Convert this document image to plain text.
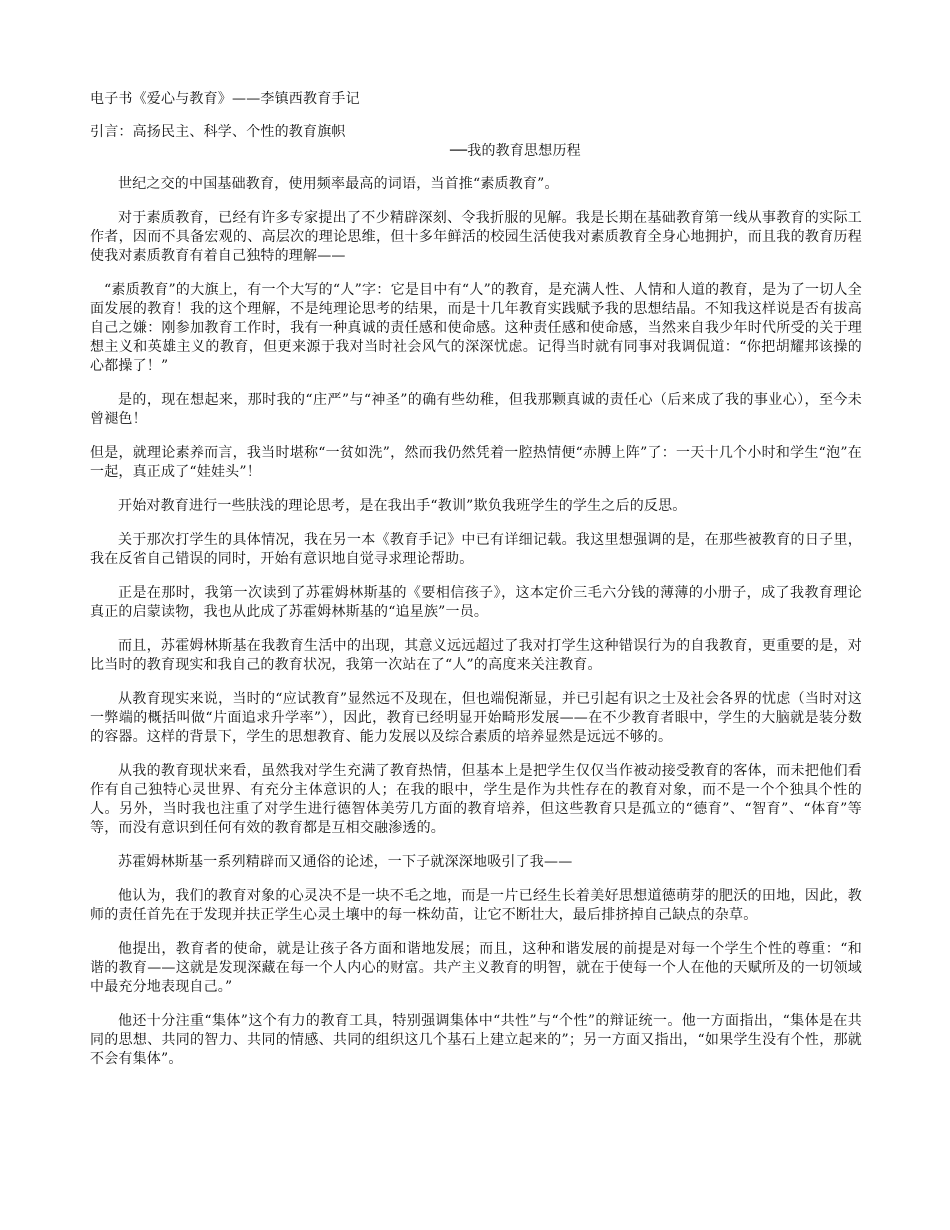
电子书《爱心与教育》——李镇西教育手记

引言：高扬民主、科学、个性的教育旗帜

──我的教育思想历程

世纪之交的中国基础教育，使用频率最高的词语，当首推“素质教育”。

对于素质教育，已经有许多专家提出了不少精辟深刻、令我折服的见解。我是长期在基础教育第一线从事教育的实际工作者，因而不具备宏观的、高层次的理论思维，但十多年鲜活的校园生活使我对素质教育全身心地拥护，而且我的教育历程使我对素质教育有着自己独特的理解——

“素质教育”的大旗上，有一个大写的“人”字：它是目中有“人”的教育，是充满人性、人情和人道的教育，是为了一切人全面发展的教育！我的这个理解，不是纯理论思考的结果，而是十几年教育实践赋予我的思想结晶。不知我这样说是否有拔高自己之嫌：刚参加教育工作时，我有一种真诚的责任感和使命感。这种责任感和使命感，当然来自我少年时代所受的关于理想主义和英雄主义的教育，但更来源于我对当时社会风气的深深忧虑。记得当时就有同事对我调侃道：“你把胡耀邦该操的心都操了！”

是的，现在想起来，那时我的“庄严”与“神圣”的确有些幼稚，但我那颗真诚的责任心（后来成了我的事业心），至今未曾褪色！

但是，就理论素养而言，我当时堪称“一贫如洗”，然而我仍然凭着一腔热情便“赤膊上阵”了：一天十几个小时和学生“泡”在一起，真正成了“娃娃头”！

开始对教育进行一些肤浅的理论思考，是在我出手“教训”欺负我班学生的学生之后的反思。

关于那次打学生的具体情况，我在另一本《教育手记》中已有详细记载。我这里想强调的是，在那些被教育的日子里，我在反省自己错误的同时，开始有意识地自觉寻求理论帮助。

正是在那时，我第一次读到了苏霍姆林斯基的《要相信孩子》，这本定价三毛六分钱的薄薄的小册子，成了我教育理论真正的启蒙读物，我也从此成了苏霍姆林斯基的“追星族”一员。

而且，苏霍姆林斯基在我教育生活中的出现，其意义远远超过了我对打学生这种错误行为的自我教育，更重要的是，对比当时的教育现实和我自己的教育状况，我第一次站在了“人”的高度来关注教育。

从教育现实来说，当时的“应试教育”显然远不及现在，但也端倪渐显，并已引起有识之士及社会各界的忧虑（当时对这一弊端的概括叫做“片面追求升学率”），因此，教育已经明显开始畸形发展——在不少教育者眼中，学生的大脑就是装分数的容器。这样的背景下，学生的思想教育、能力发展以及综合素质的培养显然是远远不够的。

从我的教育现状来看，虽然我对学生充满了教育热情，但基本上是把学生仅仅当作被动接受教育的客体，而未把他们看作有自己独特心灵世界、有充分主体意识的人；在我的眼中，学生是作为共性存在的教育对象，而不是一个个独具个性的人。另外，当时我也注重了对学生进行德智体美劳几方面的教育培养，但这些教育只是孤立的“德育”、“智育”、“体育”等等，而没有意识到任何有效的教育都是互相交融渗透的。

苏霍姆林斯基一系列精辟而又通俗的论述，一下子就深深地吸引了我——

他认为，我们的教育对象的心灵决不是一块不毛之地，而是一片已经生长着美好思想道德萌芽的肥沃的田地，因此，教师的责任首先在于发现并扶正学生心灵土壤中的每一株幼苗，让它不断壮大，最后排挤掉自己缺点的杂草。

他提出，教育者的使命，就是让孩子各方面和谐地发展；而且，这种和谐发展的前提是对每一个学生个性的尊重：“和谐的教育——这就是发现深藏在每一个人内心的财富。共产主义教育的明智，就在于使每一个人在他的天赋所及的一切领域中最充分地表现自己。”

他还十分注重“集体”这个有力的教育工具，特别强调集体中“共性”与“个性”的辩证统一。他一方面指出，“集体是在共同的思想、共同的智力、共同的情感、共同的组织这几个基石上建立起来的”；另一方面又指出，“如果学生没有个性，那就不会有集体”。
